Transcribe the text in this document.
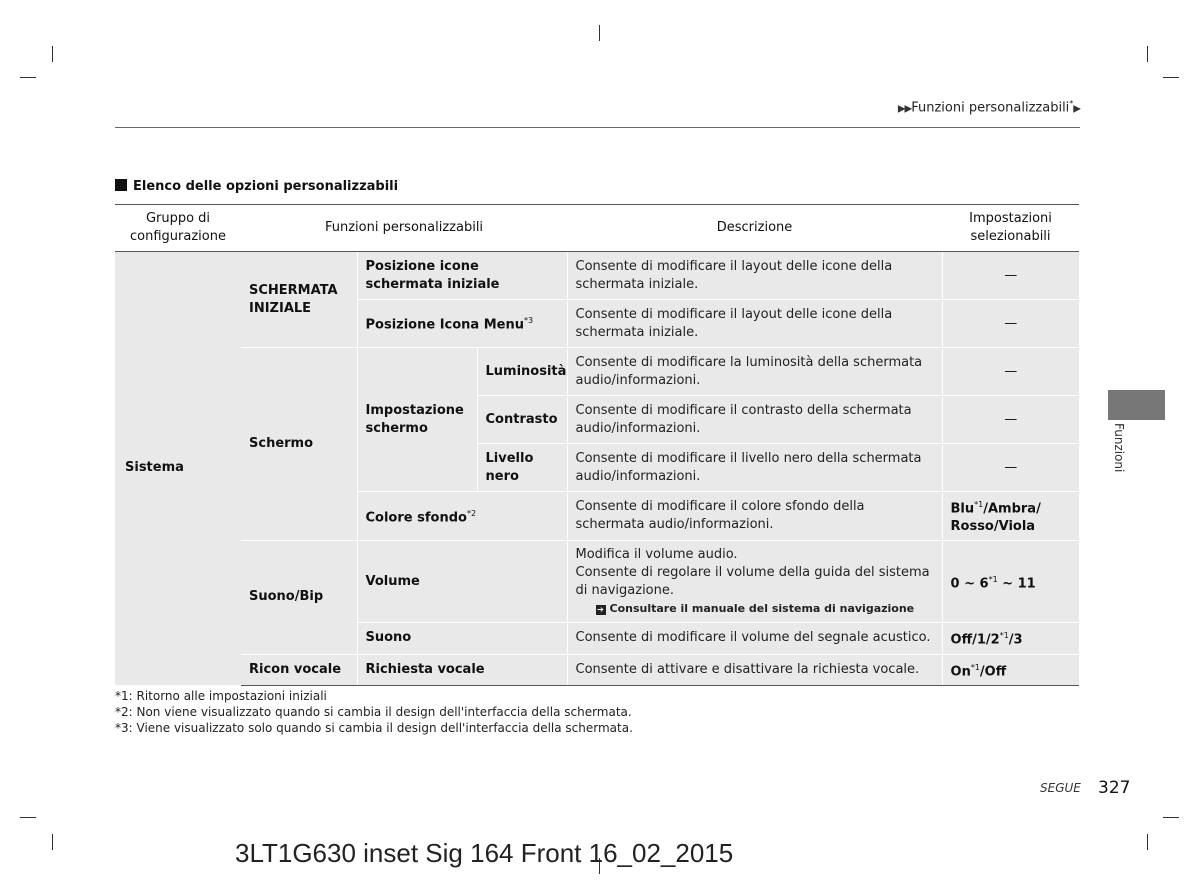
▶▶Funzioni personalizzabili*▶
Elenco delle opzioni personalizzabili
Gruppo di configurazione	Funzioni personalizzabili			Descrizione	Impostazioni selezionabili
Sistema	SCHERMATA INIZIALE	Posizione icone schermata iniziale		Consente di modificare il layout delle icone della schermata iniziale.	—
		Posizione Icona Menu$^{*3}$		Consente di modificare il layout delle icone della schermata iniziale.	—
	Schermo	Impostazione schermo	Luminosità	Consente di modificare la luminosità della schermata audio/informazioni.	—
			Contrasto	Consente di modificare il contrasto della schermata audio/informazioni.	—
			Livello nero	Consente di modificare il livello nero della schermata audio/informazioni.	—
		Colore sfondo$^{*2}$		Consente di modificare il colore sfondo della schermata audio/informazioni.	Blu$^{*1}$/Ambra/ Rosso/Viola
	Suono/Bip	Volume		Modifica il volume audio.
Consente di regolare il volume della guida del sistema di navigazione.
➔ Consultare il manuale del sistema di navigazione	0 ~ 6$^{*1}$ ~ 11
		Suono		Consente di modificare il volume del segnale acustico.	Off/1/2$^{*1}$/3
	Ricon vocale	Richiesta vocale		Consente di attivare e disattivare la richiesta vocale.	On$^{*1}$/Off
*1: Ritorno alle impostazioni iniziali
*2: Non viene visualizzato quando si cambia il design dell'interfaccia della schermata.
*3: Viene visualizzato solo quando si cambia il design dell'interfaccia della schermata.
Funzioni
SEGUE 327
3LT1G630 inset Sig 164 Front 16_02_2015
